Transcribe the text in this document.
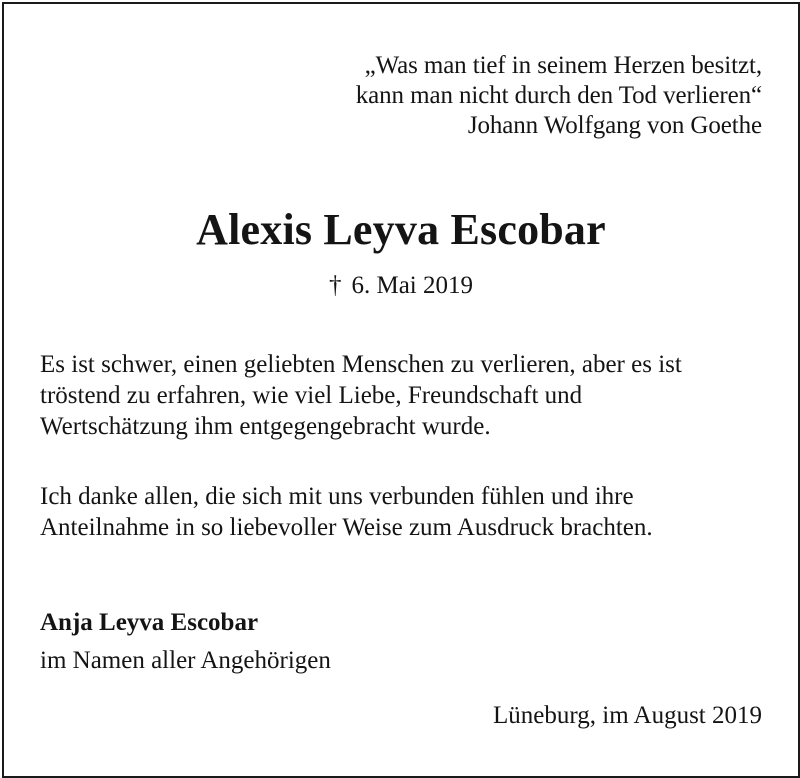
„Was man tief in seinem Herzen besitzt,
kann man nicht durch den Tod verlieren“
Johann Wolfgang von Goethe
Alexis Leyva Escobar
† 6. Mai 2019
Es ist schwer, einen geliebten Menschen zu verlieren, aber es ist
tröstend zu erfahren, wie viel Liebe, Freundschaft und
Wertschätzung ihm entgegengebracht wurde.
Ich danke allen, die sich mit uns verbunden fühlen und ihre
Anteilnahme in so liebevoller Weise zum Ausdruck brachten.
Anja Leyva Escobar
im Namen aller Angehörigen
Lüneburg, im August 2019
